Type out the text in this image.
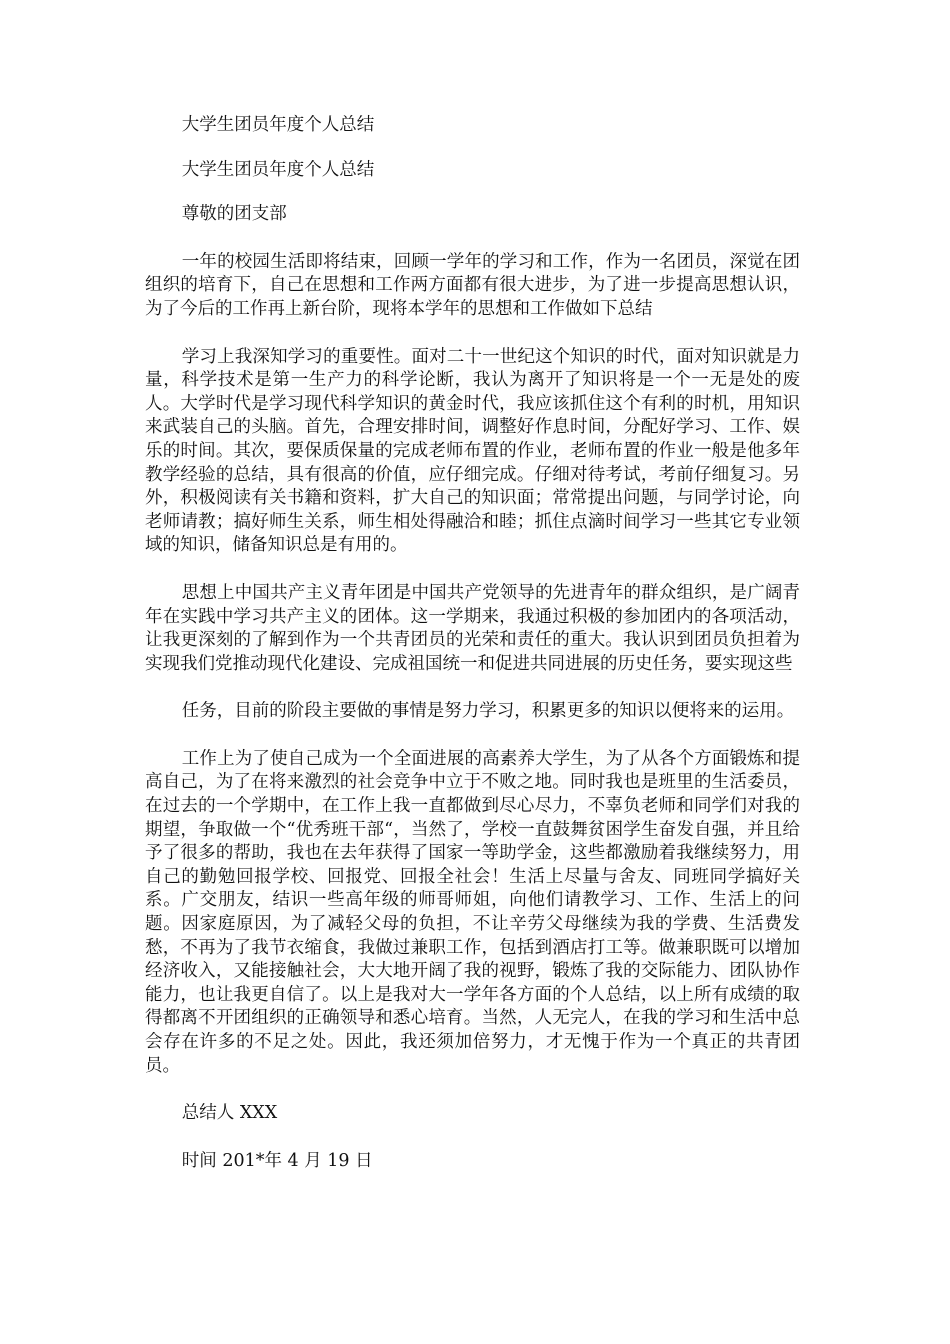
大学生团员年度个人总结

大学生团员年度个人总结

尊敬的团支部

一年的校园生活即将结束，回顾一学年的学习和工作，作为一名团员，深觉在团组织的培育下，自己在思想和工作两方面都有很大进步，为了进一步提高思想认识，为了今后的工作再上新台阶，现将本学年的思想和工作做如下总结

学习上我深知学习的重要性。面对二十一世纪这个知识的时代，面对知识就是力量，科学技术是第一生产力的科学论断，我认为离开了知识将是一个一无是处的废人。大学时代是学习现代科学知识的黄金时代，我应该抓住这个有利的时机，用知识来武装自己的头脑。首先，合理安排时间，调整好作息时间，分配好学习、工作、娱乐的时间。其次，要保质保量的完成老师布置的作业，老师布置的作业一般是他多年教学经验的总结，具有很高的价值，应仔细完成。仔细对待考试，考前仔细复习。另外，积极阅读有关书籍和资料，扩大自己的知识面；常常提出问题，与同学讨论，向老师请教；搞好师生关系，师生相处得融洽和睦；抓住点滴时间学习一些其它专业领域的知识，储备知识总是有用的。

思想上中国共产主义青年团是中国共产党领导的先进青年的群众组织，是广阔青年在实践中学习共产主义的团体。这一学期来，我通过积极的参加团内的各项活动，让我更深刻的了解到作为一个共青团员的光荣和责任的重大。我认识到团员负担着为实现我们党推动现代化建设、完成祖国统一和促进共同进展的历史任务，要实现这些

任务，目前的阶段主要做的事情是努力学习，积累更多的知识以便将来的运用。

工作上为了使自己成为一个全面进展的高素养大学生，为了从各个方面锻炼和提高自己，为了在将来激烈的社会竞争中立于不败之地。同时我也是班里的生活委员，在过去的一个学期中，在工作上我一直都做到尽心尽力，不辜负老师和同学们对我的期望，争取做一个“优秀班干部“，当然了，学校一直鼓舞贫困学生奋发自强，并且给予了很多的帮助，我也在去年获得了国家一等助学金，这些都激励着我继续努力，用自己的勤勉回报学校、回报党、回报全社会！生活上尽量与舍友、同班同学搞好关系。广交朋友，结识一些高年级的师哥师姐，向他们请教学习、工作、生活上的问题。因家庭原因，为了减轻父母的负担，不让辛劳父母继续为我的学费、生活费发愁，不再为了我节衣缩食，我做过兼职工作，包括到酒店打工等。做兼职既可以增加经济收入，又能接触社会，大大地开阔了我的视野，锻炼了我的交际能力、团队协作能力，也让我更自信了。以上是我对大一学年各方面的个人总结，以上所有成绩的取得都离不开团组织的正确领导和悉心培育。当然，人无完人，在我的学习和生活中总会存在许多的不足之处。因此，我还须加倍努力，才无愧于作为一个真正的共青团员。

总结人 XXX

时间 201*年 4 月 19 日
